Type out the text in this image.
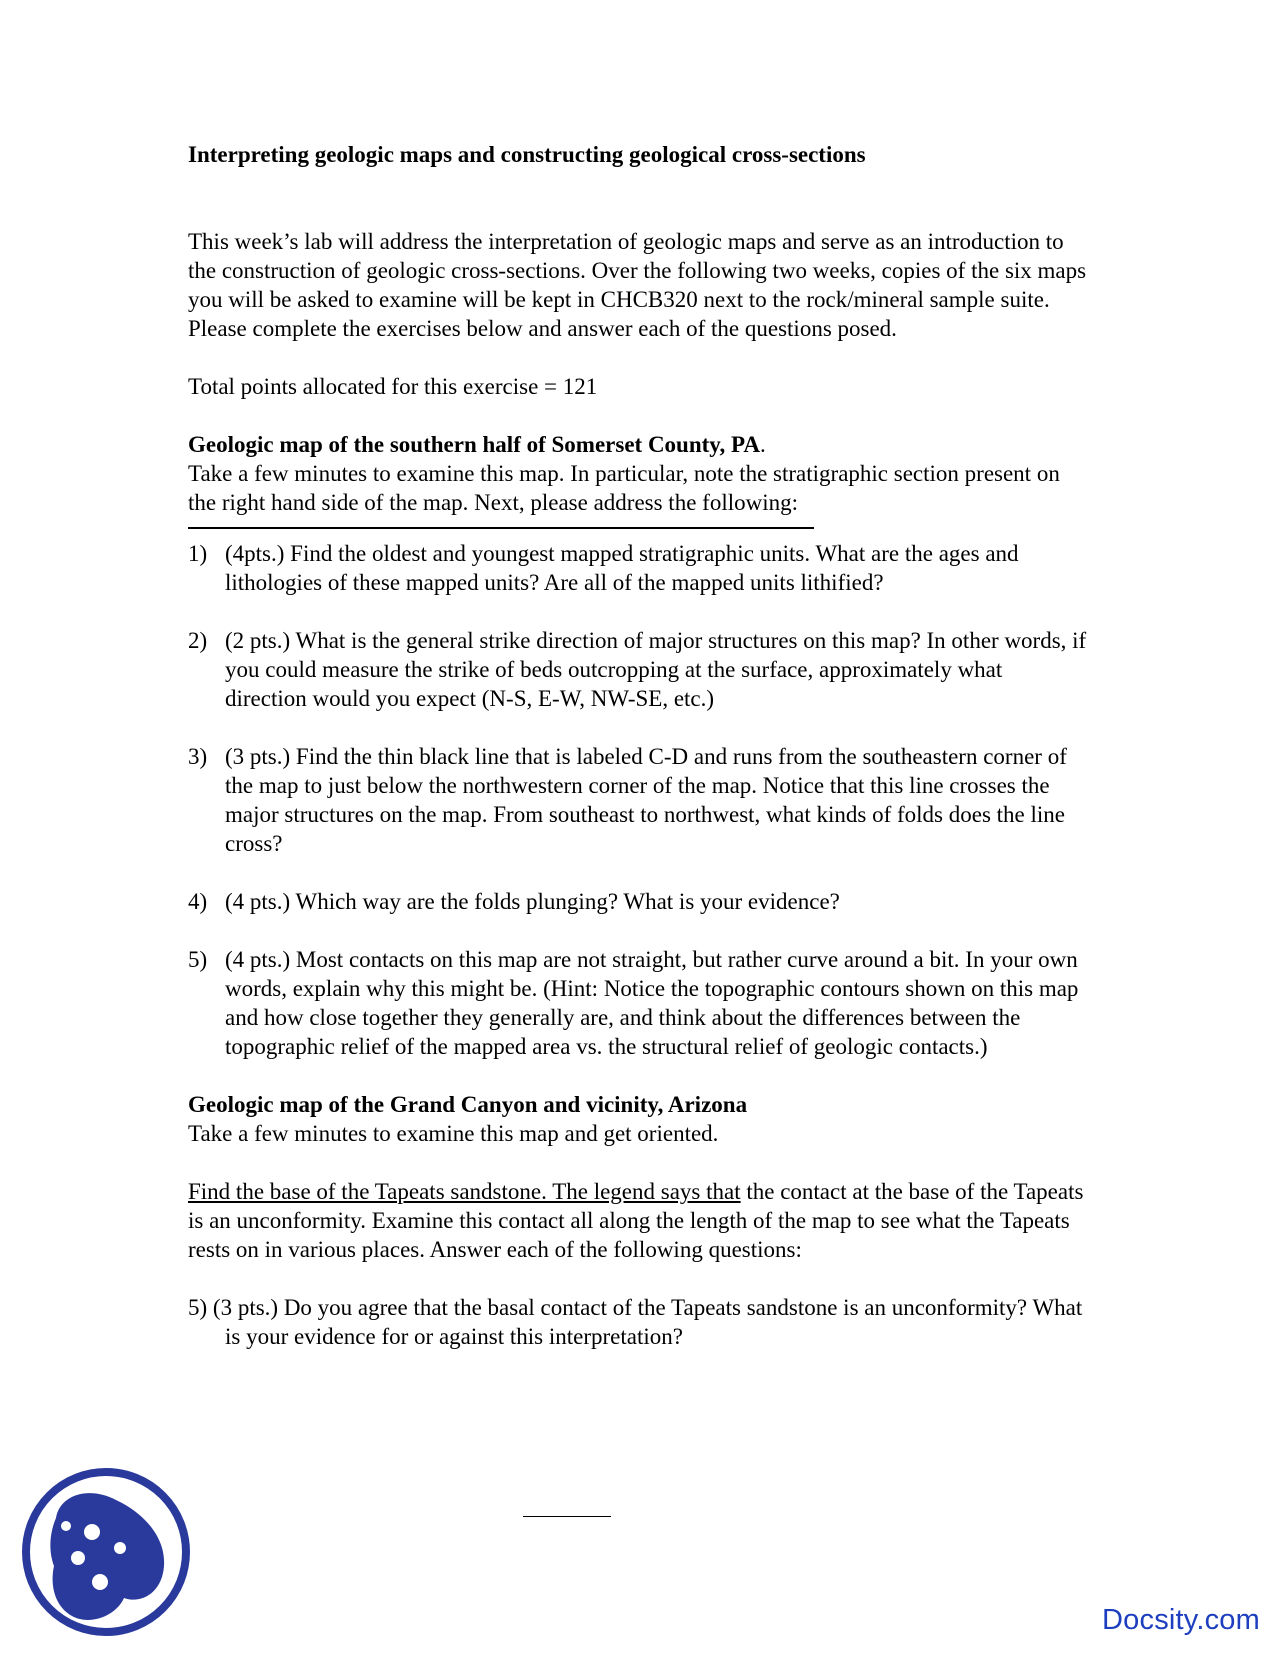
Interpreting geologic maps and constructing geological cross-sections

This week’s lab will address the interpretation of geologic maps and serve as an introduction to the construction of geologic cross-sections. Over the following two weeks, copies of the six maps you will be asked to examine will be kept in CHCB320 next to the rock/mineral sample suite. Please complete the exercises below and answer each of the questions posed.

Total points allocated for this exercise = 121

Geologic map of the southern half of Somerset County, PA.

Take a few minutes to examine this map. In particular, note the stratigraphic section present on the right hand side of the map. Next, please address the following:

1) (4pts.) Find the oldest and youngest mapped stratigraphic units. What are the ages and lithologies of these mapped units? Are all of the mapped units lithified?
2) (2 pts.) What is the general strike direction of major structures on this map? In other words, if you could measure the strike of beds outcropping at the surface, approximately what direction would you expect (N-S, E-W, NW-SE, etc.)
3) (3 pts.) Find the thin black line that is labeled C-D and runs from the southeastern corner of the map to just below the northwestern corner of the map. Notice that this line crosses the major structures on the map. From southeast to northwest, what kinds of folds does the line cross?
4) (4 pts.) Which way are the folds plunging? What is your evidence?
5) (4 pts.) Most contacts on this map are not straight, but rather curve around a bit. In your own words, explain why this might be. (Hint: Notice the topographic contours shown on this map and how close together they generally are, and think about the differences between the topographic relief of the mapped area vs. the structural relief of geologic contacts.)

Geologic map of the Grand Canyon and vicinity, Arizona

Take a few minutes to examine this map and get oriented.

Find the base of the Tapeats sandstone. The legend says that the contact at the base of the Tapeats is an unconformity. Examine this contact all along the length of the map to see what the Tapeats rests on in various places. Answer each of the following questions:

5) (3 pts.) Do you agree that the basal contact of the Tapeats sandstone is an unconformity? What is your evidence for or against this interpretation?

Docsity.com
